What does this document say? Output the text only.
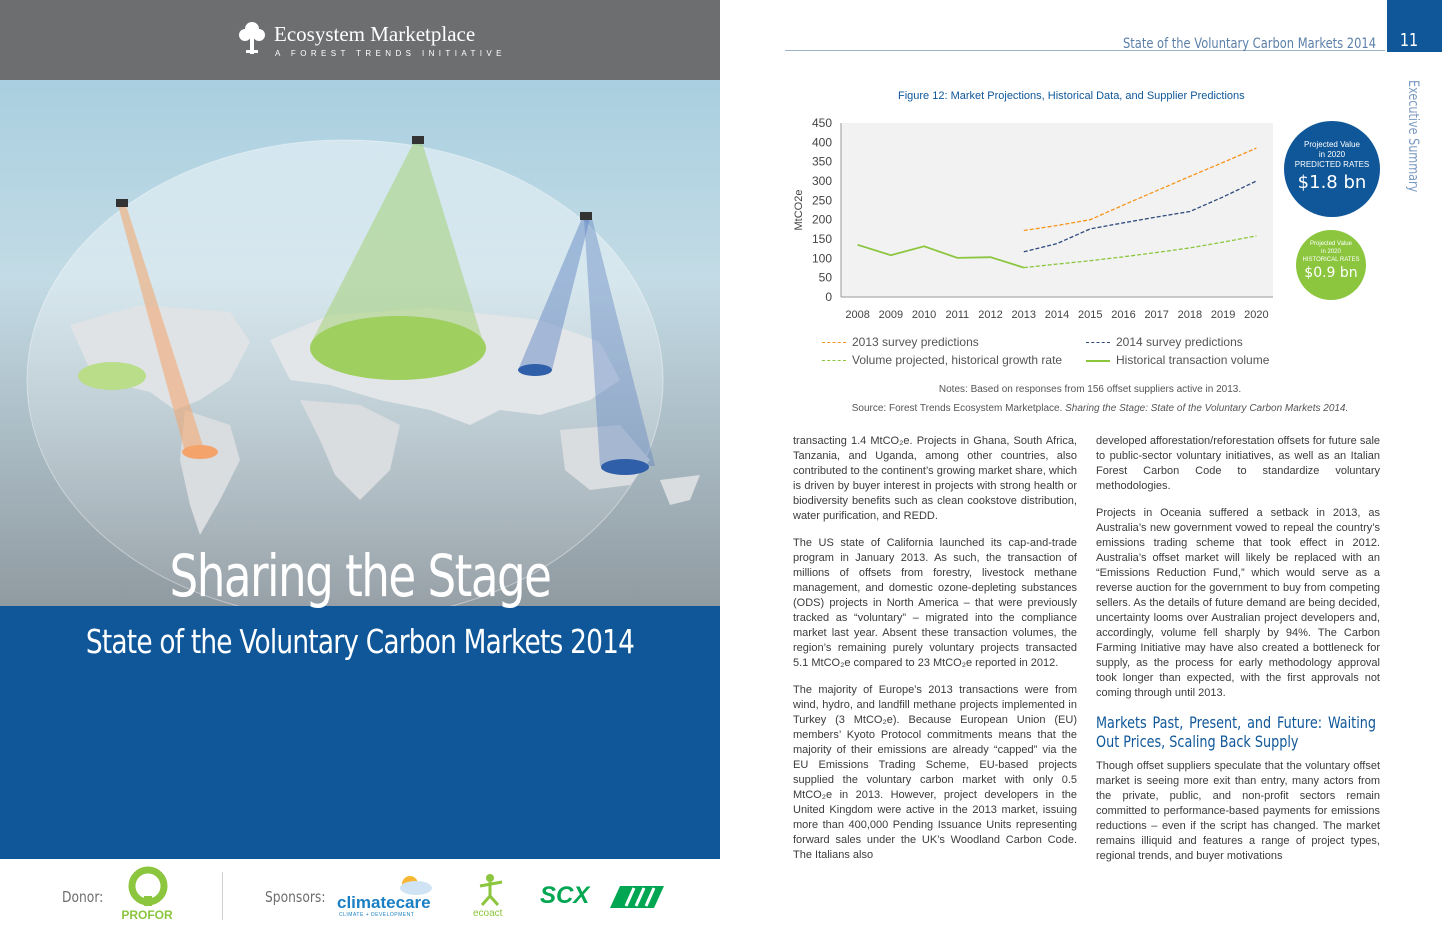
Ecosystem Marketplace
A FOREST TRENDS INITIATIVE
Sharing the Stage
State of the Voluntary Carbon Markets 2014
Donor:
PROFOR
Sponsors: climatecare
CLIMATE + DEVELOPMENT	ecoact
SCX
State of the Voluntary Carbon Markets 2014	11
Executive Summary
Figure 12: Market Projections, Historical Data, and Supplier Predictions
MtCO2e
0
50
100
150
200
250
300
350
400
450
2008 2009 2010 2011 2012 2013 2014 2015 2016 2017 2018 2019 2020
2013 survey predictions	2014 survey predictions
Volume projected, historical growth rate	Historical transaction volume
Notes: Based on responses from 156 offset suppliers active in 2013.
Source: Forest Trends Ecosystem Marketplace. Sharing the Stage: State of the Voluntary Carbon Markets 2014.
Projected Value
in 2020
PREDICTED RATES
$1.8 bn
Projected Value
in 2020
HISTORICAL RATES
$0.9 bn

transacting 1.4 MtCO₂e. Projects in Ghana, South Africa, Tanzania, and Uganda, among other countries, also contributed to the continent’s growing market share, which is driven by buyer interest in projects with strong health or biodiversity benefits such as clean cookstove distribution, water purification, and REDD.

The US state of California launched its cap-and-trade program in January 2013. As such, the transaction of millions of offsets from forestry, livestock methane management, and domestic ozone-depleting substances (ODS) projects in North America – that were previously tracked as “voluntary” – migrated into the compliance market last year. Absent these transaction volumes, the region’s remaining purely voluntary projects transacted 5.1 MtCO₂e compared to 23 MtCO₂e reported in 2012.

The majority of Europe’s 2013 transactions were from wind, hydro, and landfill methane projects implemented in Turkey (3 MtCO₂e). Because European Union (EU) members’ Kyoto Protocol commitments means that the majority of their emissions are already “capped” via the EU Emissions Trading Scheme, EU-based projects supplied the voluntary carbon market with only 0.5 MtCO₂e in 2013. However, project developers in the United Kingdom were active in the 2013 market, issuing more than 400,000 Pending Issuance Units representing forward sales under the UK’s Woodland Carbon Code. The Italians also

developed afforestation/reforestation offsets for future sale to public-sector voluntary initiatives, as well as an Italian Forest Carbon Code to standardize voluntary methodologies.

Projects in Oceania suffered a setback in 2013, as Australia’s new government vowed to repeal the country’s emissions trading scheme that took effect in 2012. Australia’s offset market will likely be replaced with an “Emissions Reduction Fund,” which would serve as a reverse auction for the government to buy from competing sellers. As the details of future demand are being decided, uncertainty looms over Australian project developers and, accordingly, volume fell sharply by 94%. The Carbon Farming Initiative may have also created a bottleneck for supply, as the process for early methodology approval took longer than expected, with the first approvals not coming through until 2013.

Markets Past, Present, and Future: Waiting Out Prices, Scaling Back Supply

Though offset suppliers speculate that the voluntary offset market is seeing more exit than entry, many actors from the private, public, and non-profit sectors remain committed to performance-based payments for emissions reductions – even if the script has changed. The market remains illiquid and features a range of project types, regional trends, and buyer motivations
